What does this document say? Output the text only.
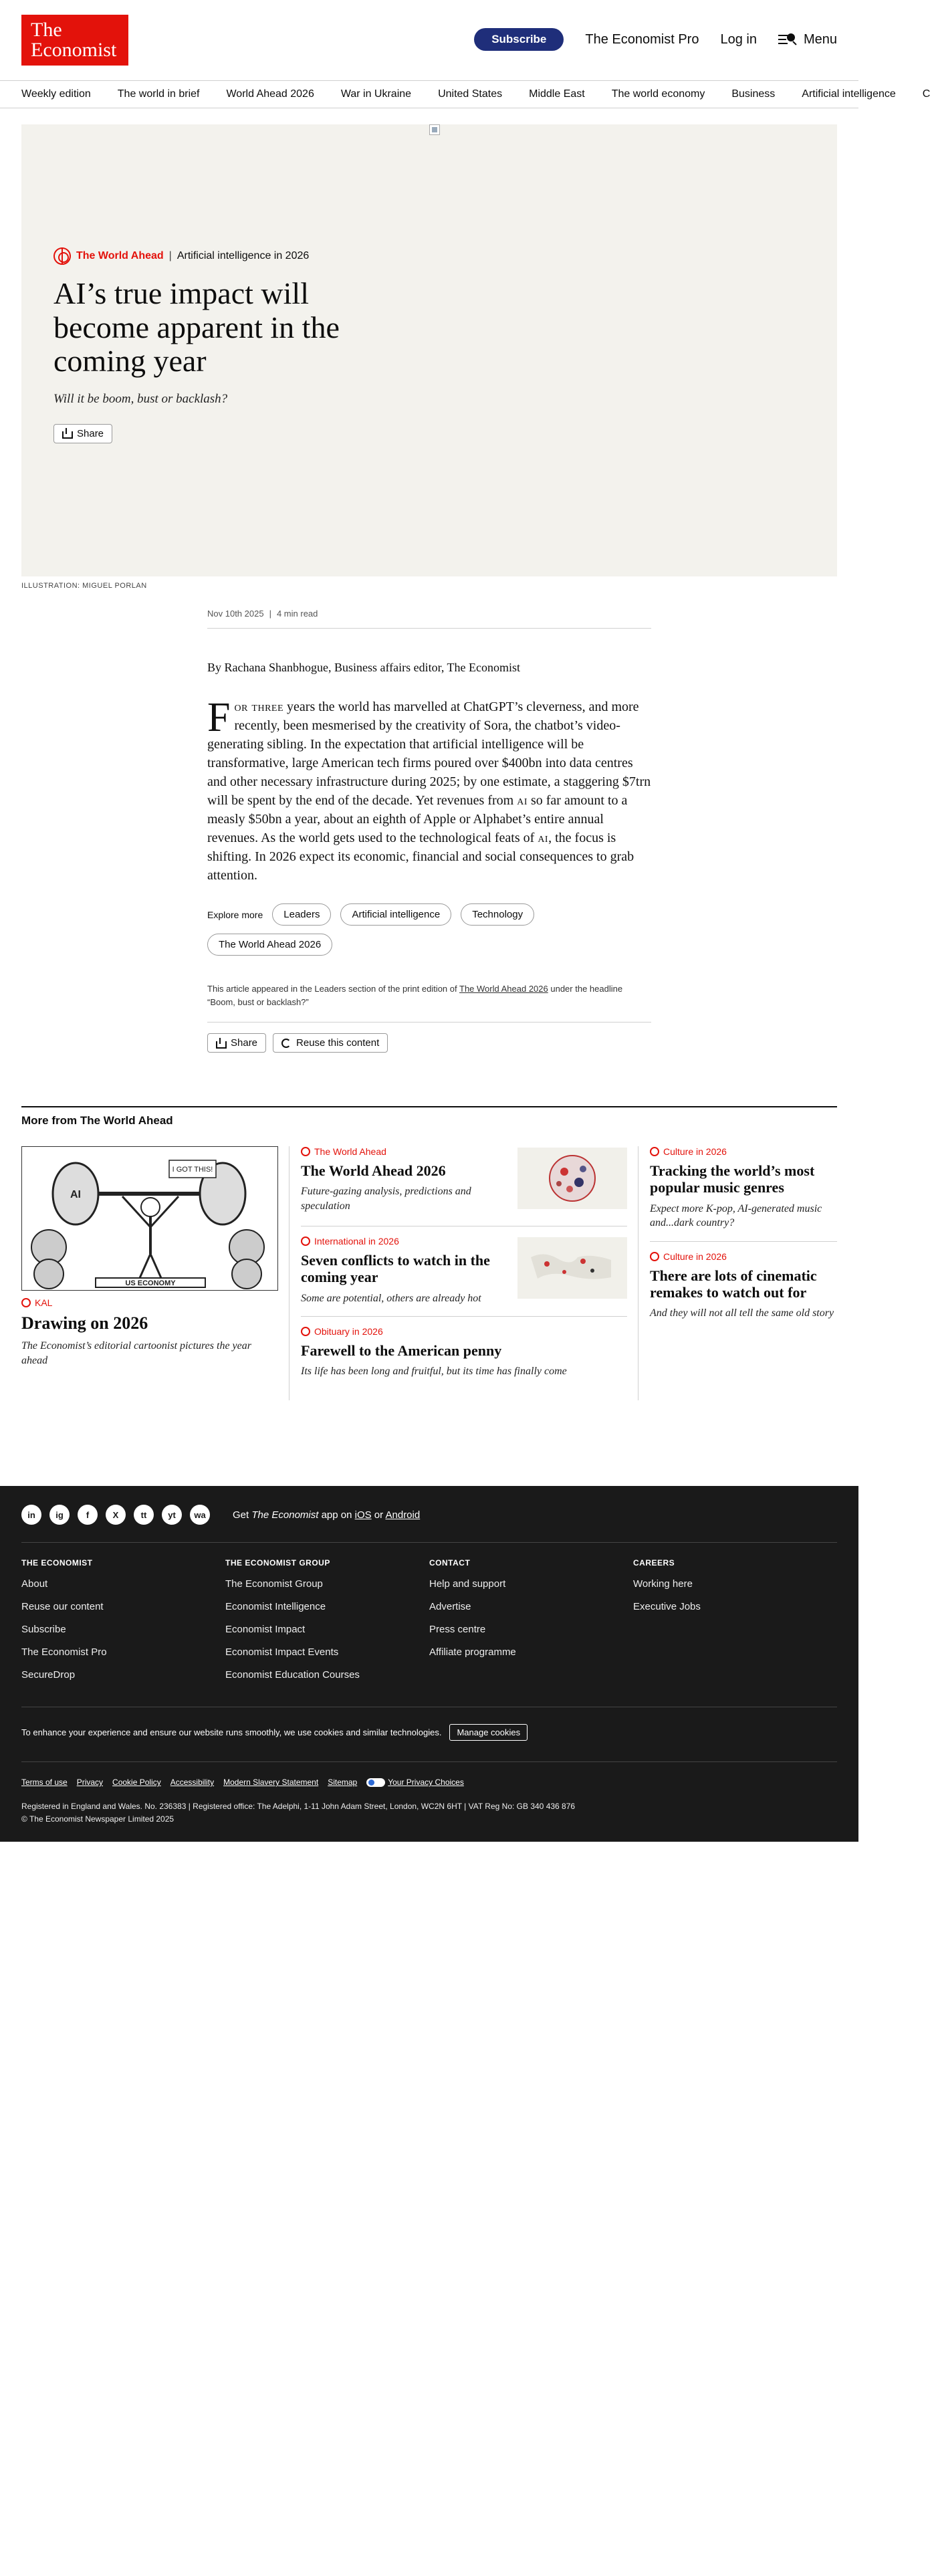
The
Economist	Subscribe	The Economist Pro Log in	Menu
Weekly edition	The world in brief	World Ahead 2026	War in Ukraine	United States	Middle East	The world economy	Business	Artificial intelligence	C
The World Ahead | Artificial intelligence in 2026
AI’s true impact will become apparent in the coming year

Will it be boom, bust or backlash?

Share
ILLUSTRATION: MIGUEL PORLAN
Nov 10th 2025 | 4 min read

By Rachana Shanbhogue, Business affairs editor, The Economist

For three years the world has marvelled at ChatGPT’s cleverness, and more recently, been mesmerised by the creativity of Sora, the chatbot’s video-generating sibling. In the expectation that artificial intelligence will be transformative, large American tech firms poured over $400bn into data centres and other necessary infrastructure during 2025; by one estimate, a staggering $7trn will be spent by the end of the decade. Yet revenues from ai so far amount to a measly $50bn a year, about an eighth of Apple or Alphabet’s entire annual revenues. As the world gets used to the technological feats of ai, the focus is shifting. In 2026 expect its economic, financial and social consequences to grab attention.

Explore more	Leaders	Artificial intelligence	Technology
The World Ahead 2026

This article appeared in the Leaders section of the print edition of The World Ahead 2026 under the headline “Boom, bust or backlash?”

Share	Reuse this content
More from The World Ahead
I GOT THIS!
AI
US ECONOMY
KAL
Drawing on 2026

The Economist’s editorial cartoonist pictures the year ahead

The World Ahead
The World Ahead 2026

Future-gazing analysis, predictions and speculation

International in 2026
Seven conflicts to watch in the coming year

Some are potential, others are already hot

Obituary in 2026
Farewell to the American penny

Its life has been long and fruitful, but its time has finally come

Culture in 2026
Tracking the world’s most popular music genres

Expect more K-pop, AI-generated music and...dark country?

Culture in 2026
There are lots of cinematic remakes to watch out for

And they will not all tell the same old story

in	ig	f	X	tt	yt	wa	Get The Economist app on iOS or Android
THE ECONOMIST
About
Reuse our content
Subscribe
The Economist Pro
SecureDrop
THE ECONOMIST GROUP
The Economist Group
Economist Intelligence
Economist Impact
Economist Impact Events
Economist Education Courses
CONTACT
Help and support
Advertise
Press centre
Affiliate programme
CAREERS
Working here
Executive Jobs
To enhance your experience and ensure our website runs smoothly, we use cookies and similar technologies.	Manage cookies
Terms of use Privacy Cookie Policy Accessibility Modern Slavery Statement Sitemap	Your Privacy Choices
Registered in England and Wales. No. 236383 | Registered office: The Adelphi, 1-11 John Adam Street, London, WC2N 6HT | VAT Reg No: GB 340 436 876
© The Economist Newspaper Limited 2025
